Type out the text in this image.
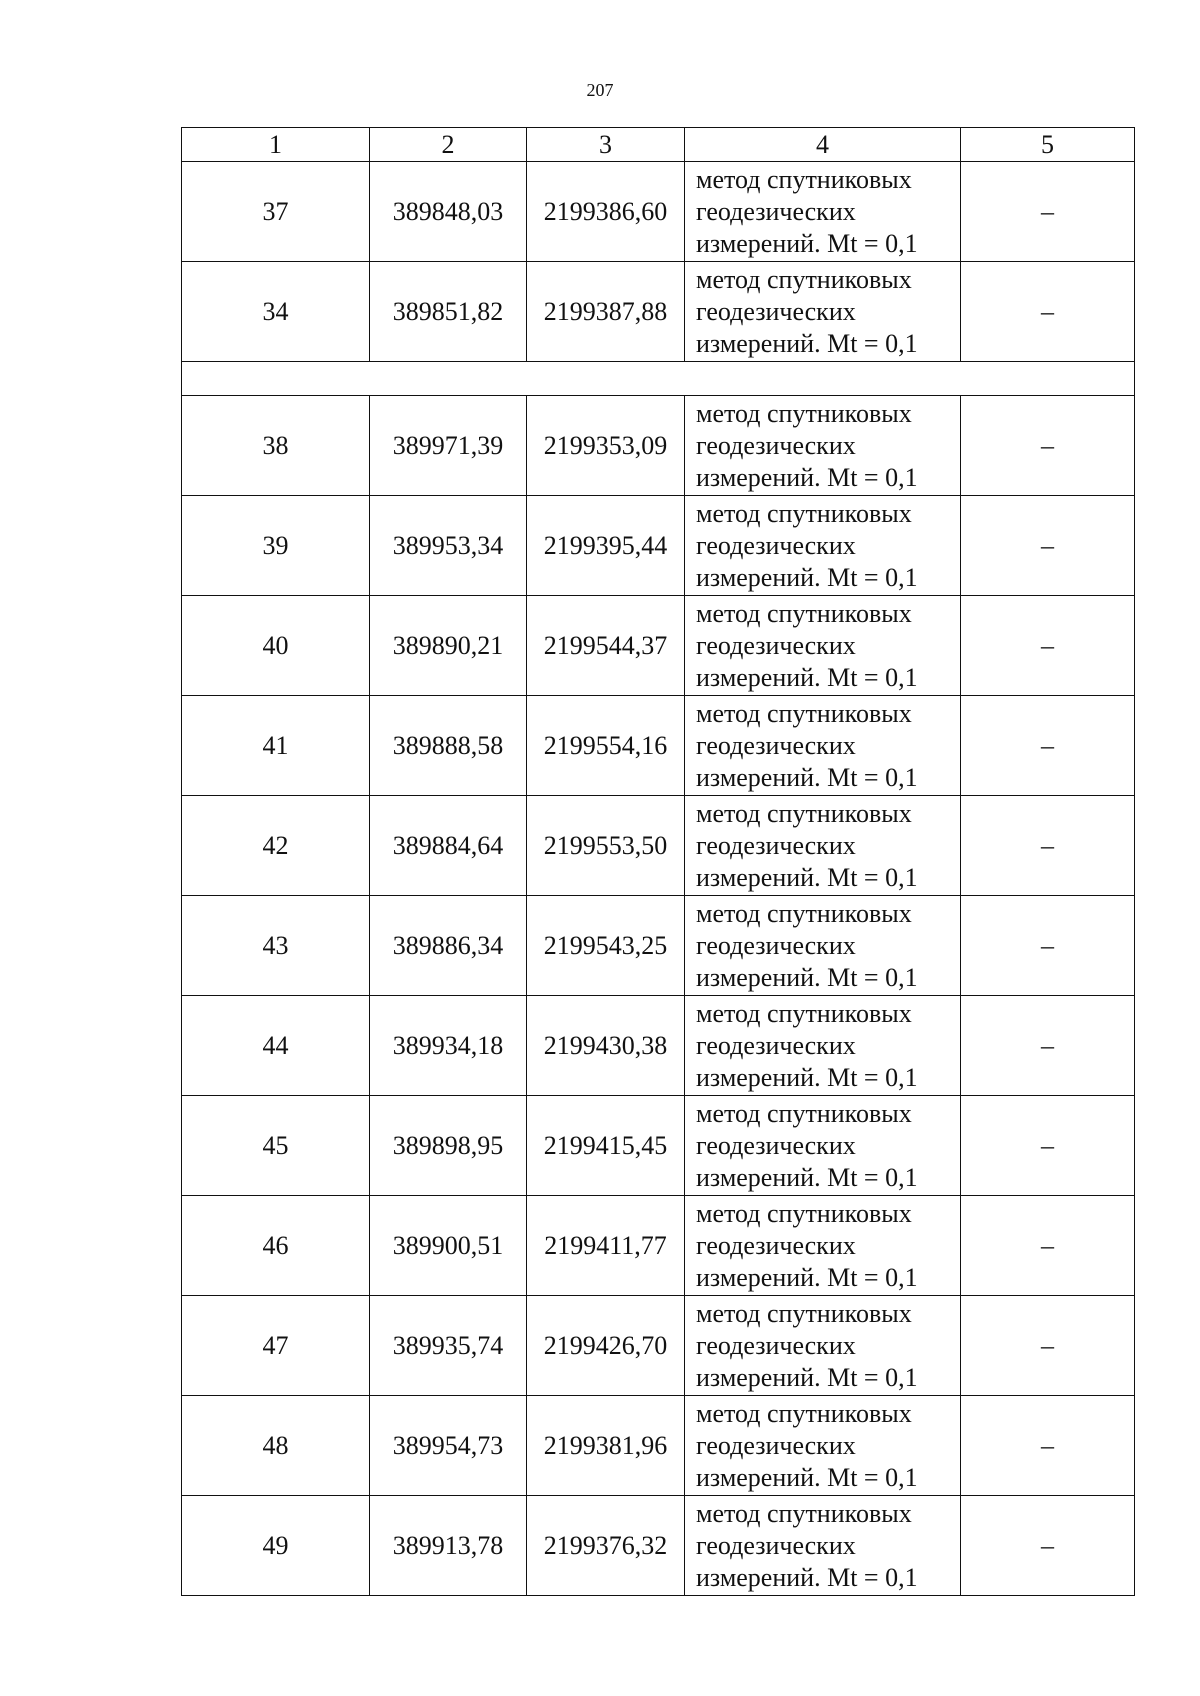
207
1	2	3	4	5
37	389848,03	2199386,60	метод спутниковых
геодезических
измерений. Mt = 0,1	–
34	389851,82	2199387,88	метод спутниковых
геодезических
измерений. Mt = 0,1	–

38	389971,39	2199353,09	метод спутниковых
геодезических
измерений. Mt = 0,1	–
39	389953,34	2199395,44	метод спутниковых
геодезических
измерений. Mt = 0,1	–
40	389890,21	2199544,37	метод спутниковых
геодезических
измерений. Mt = 0,1	–
41	389888,58	2199554,16	метод спутниковых
геодезических
измерений. Mt = 0,1	–
42	389884,64	2199553,50	метод спутниковых
геодезических
измерений. Mt = 0,1	–
43	389886,34	2199543,25	метод спутниковых
геодезических
измерений. Mt = 0,1	–
44	389934,18	2199430,38	метод спутниковых
геодезических
измерений. Mt = 0,1	–
45	389898,95	2199415,45	метод спутниковых
геодезических
измерений. Mt = 0,1	–
46	389900,51	2199411,77	метод спутниковых
геодезических
измерений. Mt = 0,1	–
47	389935,74	2199426,70	метод спутниковых
геодезических
измерений. Mt = 0,1	–
48	389954,73	2199381,96	метод спутниковых
геодезических
измерений. Mt = 0,1	–
49	389913,78	2199376,32	метод спутниковых
геодезических
измерений. Mt = 0,1	–
